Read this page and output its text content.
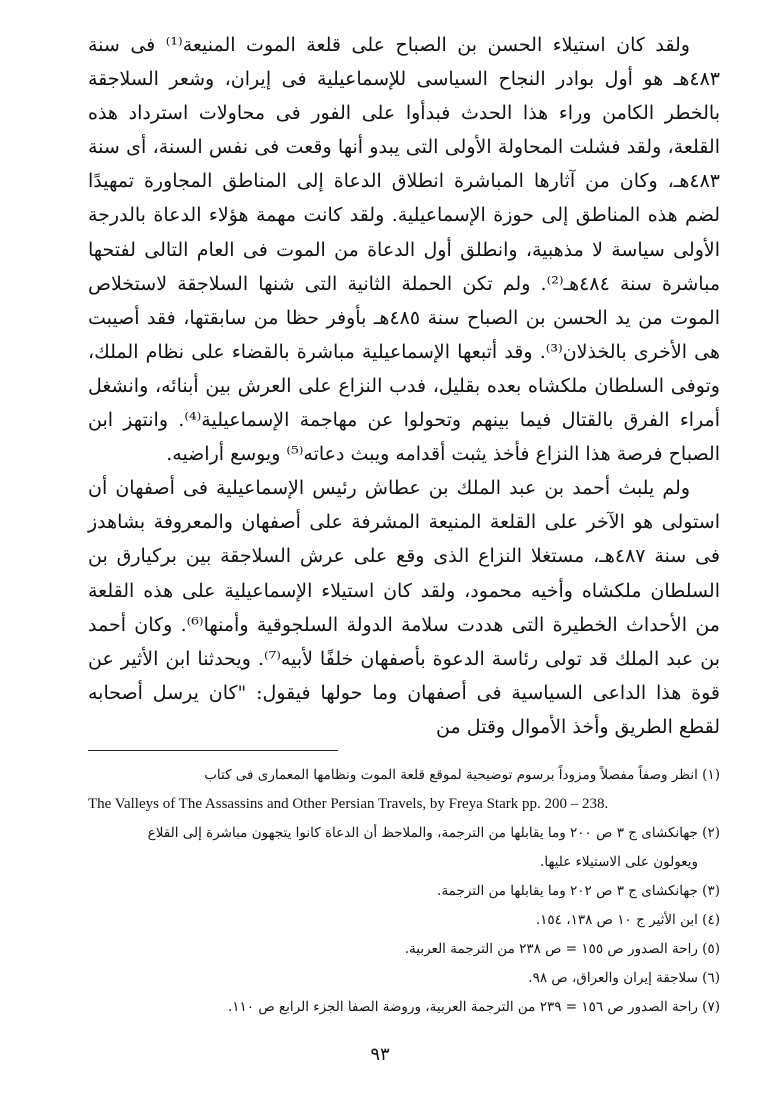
ولقد كان استيلاء الحسن بن الصباح على قلعة الموت المنيعة⁽¹⁾ فى سنة ٤٨٣هـ هو أول بوادر النجاح السياسى للإسماعيلية فى إيران، وشعر السلاجقة بالخطر الكامن وراء هذا الحدث فبدأوا على الفور فى محاولات استرداد هذه القلعة، ولقد فشلت المحاولة الأولى التى يبدو أنها وقعت فى نفس السنة، أى سنة ٤٨٣هـ، وكان من آثارها المباشرة انطلاق الدعاة إلى المناطق المجاورة تمهيدًا لضم هذه المناطق إلى حوزة الإسماعيلية. ولقد كانت مهمة هؤلاء الدعاة بالدرجة الأولى سياسة لا مذهبية، وانطلق أول الدعاة من الموت فى العام التالى لفتحها مباشرة سنة ٤٨٤هـ⁽²⁾. ولم تكن الحملة الثانية التى شنها السلاجقة لاستخلاص الموت من يد الحسن بن الصباح سنة ٤٨٥هـ بأوفر حظا من سابقتها، فقد أصيبت هى الأخرى بالخذلان⁽³⁾. وقد أتبعها الإسماعيلية مباشرة بالقضاء على نظام الملك، وتوفى السلطان ملكشاه بعده بقليل، فدب النزاع على العرش بين أبنائه، وانشغل أمراء الفرق بالقتال فيما بينهم وتحولوا عن مهاجمة الإسماعيلية⁽⁴⁾. وانتهز ابن الصباح فرصة هذا النزاع فأخذ يثبت أقدامه ويبث دعاته⁽⁵⁾ ويوسع أراضيه.

ولم يلبث أحمد بن عبد الملك بن عطاش رئيس الإسماعيلية فى أصفهان أن استولى هو الآخر على القلعة المنيعة المشرفة على أصفهان والمعروفة بشاهدز فى سنة ٤٨٧هـ، مستغلا النزاع الذى وقع على عرش السلاجقة بين بركيارق بن السلطان ملكشاه وأخيه محمود، ولقد كان استيلاء الإسماعيلية على هذه القلعة من الأحداث الخطيرة التى هددت سلامة الدولة السلجوقية وأمنها⁽⁶⁾. وكان أحمد بن عبد الملك قد تولى رئاسة الدعوة بأصفهان خلفًا لأبيه⁽⁷⁾. ويحدثنا ابن الأثير عن قوة هذا الداعى السياسية فى أصفهان وما حولها فيقول: "كان يرسل أصحابه لقطع الطريق وأخذ الأموال وقتل من

(١) انظر وصفاً مفصلاً ومزوداً برسوم توضيحية لموقع قلعة الموت ونظامها المعمارى فى كتاب

The Valleys of The Assassins and Other Persian Travels, by Freya Stark pp. 200 – 238.

(٢) جهانكشاى ج ٣ ص ٢٠٠ وما يقابلها من الترجمة، والملاحظ أن الدعاة كانوا يتجهون مباشرة إلى القلاع

ويعولون على الاستيلاء عليها.

(٣) جهانكشاى ج ٣ ص ٢٠٢ وما يقابلها من الترجمة.

(٤) ابن الأثير ج ١٠ ص ١٣٨، ١٥٤.

(٥) راحة الصدور ص ١٥٥ = ص ٢٣٨ من الترجمة العربية.

(٦) سلاجقة إيران والعراق، ص ٩٨.

(٧) راحة الصدور ص ١٥٦ = ٢٣٩ من الترجمة العربية، وروضة الصفا الجزء الرابع ص ١١٠.

٩٣
